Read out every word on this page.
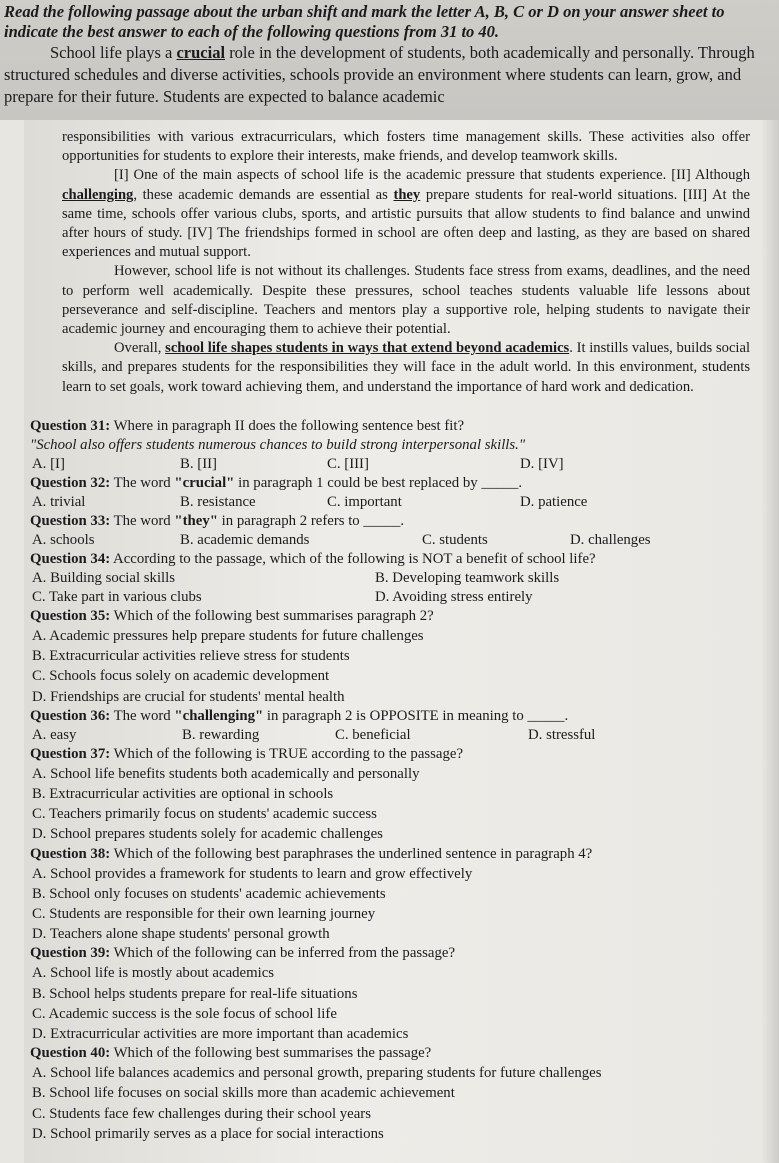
Read the following passage about the urban shift and mark the letter A, B, C or D on your answer sheet to indicate the best answer to each of the following questions from 31 to 40.

School life plays a crucial role in the development of students, both academically and personally. Through structured schedules and diverse activities, schools provide an environment where students can learn, grow, and prepare for their future. Students are expected to balance academic

responsibilities with various extracurriculars, which fosters time management skills. These activities also offer opportunities for students to explore their interests, make friends, and develop teamwork skills.

[I] One of the main aspects of school life is the academic pressure that students experience. [II] Although challenging, these academic demands are essential as they prepare students for real-world situations. [III] At the same time, schools offer various clubs, sports, and artistic pursuits that allow students to find balance and unwind after hours of study. [IV] The friendships formed in school are often deep and lasting, as they are based on shared experiences and mutual support.

However, school life is not without its challenges. Students face stress from exams, deadlines, and the need to perform well academically. Despite these pressures, school teaches students valuable life lessons about perseverance and self-discipline. Teachers and mentors play a supportive role, helping students to navigate their academic journey and encouraging them to achieve their potential.

Overall, school life shapes students in ways that extend beyond academics. It instills values, builds social skills, and prepares students for the responsibilities they will face in the adult world. In this environment, students learn to set goals, work toward achieving them, and understand the importance of hard work and dedication.

Question 31: Where in paragraph II does the following sentence best fit?

"School also offers students numerous chances to build strong interpersonal skills."

A. [I]	B. [II]	C. [III]	D. [IV]

Question 32: The word "crucial" in paragraph 1 could be best replaced by _____.

A. trivial	B. resistance	C. important	D. patience

Question 33: The word "they" in paragraph 2 refers to _____.

A. schools	B. academic demands	C. students	D. challenges

Question 34: According to the passage, which of the following is NOT a benefit of school life?

A. Building social skills	B. Developing teamwork skills
C. Take part in various clubs	D. Avoiding stress entirely

Question 35: Which of the following best summarises paragraph 2?

A. Academic pressures help prepare students for future challenges

B. Extracurricular activities relieve stress for students

C. Schools focus solely on academic development

D. Friendships are crucial for students' mental health

Question 36: The word "challenging" in paragraph 2 is OPPOSITE in meaning to _____.

A. easy	B. rewarding	C. beneficial	D. stressful

Question 37: Which of the following is TRUE according to the passage?

A. School life benefits students both academically and personally

B. Extracurricular activities are optional in schools

C. Teachers primarily focus on students' academic success

D. School prepares students solely for academic challenges

Question 38: Which of the following best paraphrases the underlined sentence in paragraph 4?

A. School provides a framework for students to learn and grow effectively

B. School only focuses on students' academic achievements

C. Students are responsible for their own learning journey

D. Teachers alone shape students' personal growth

Question 39: Which of the following can be inferred from the passage?

A. School life is mostly about academics

B. School helps students prepare for real-life situations

C. Academic success is the sole focus of school life

D. Extracurricular activities are more important than academics

Question 40: Which of the following best summarises the passage?

A. School life balances academics and personal growth, preparing students for future challenges

B. School life focuses on social skills more than academic achievement

C. Students face few challenges during their school years

D. School primarily serves as a place for social interactions
